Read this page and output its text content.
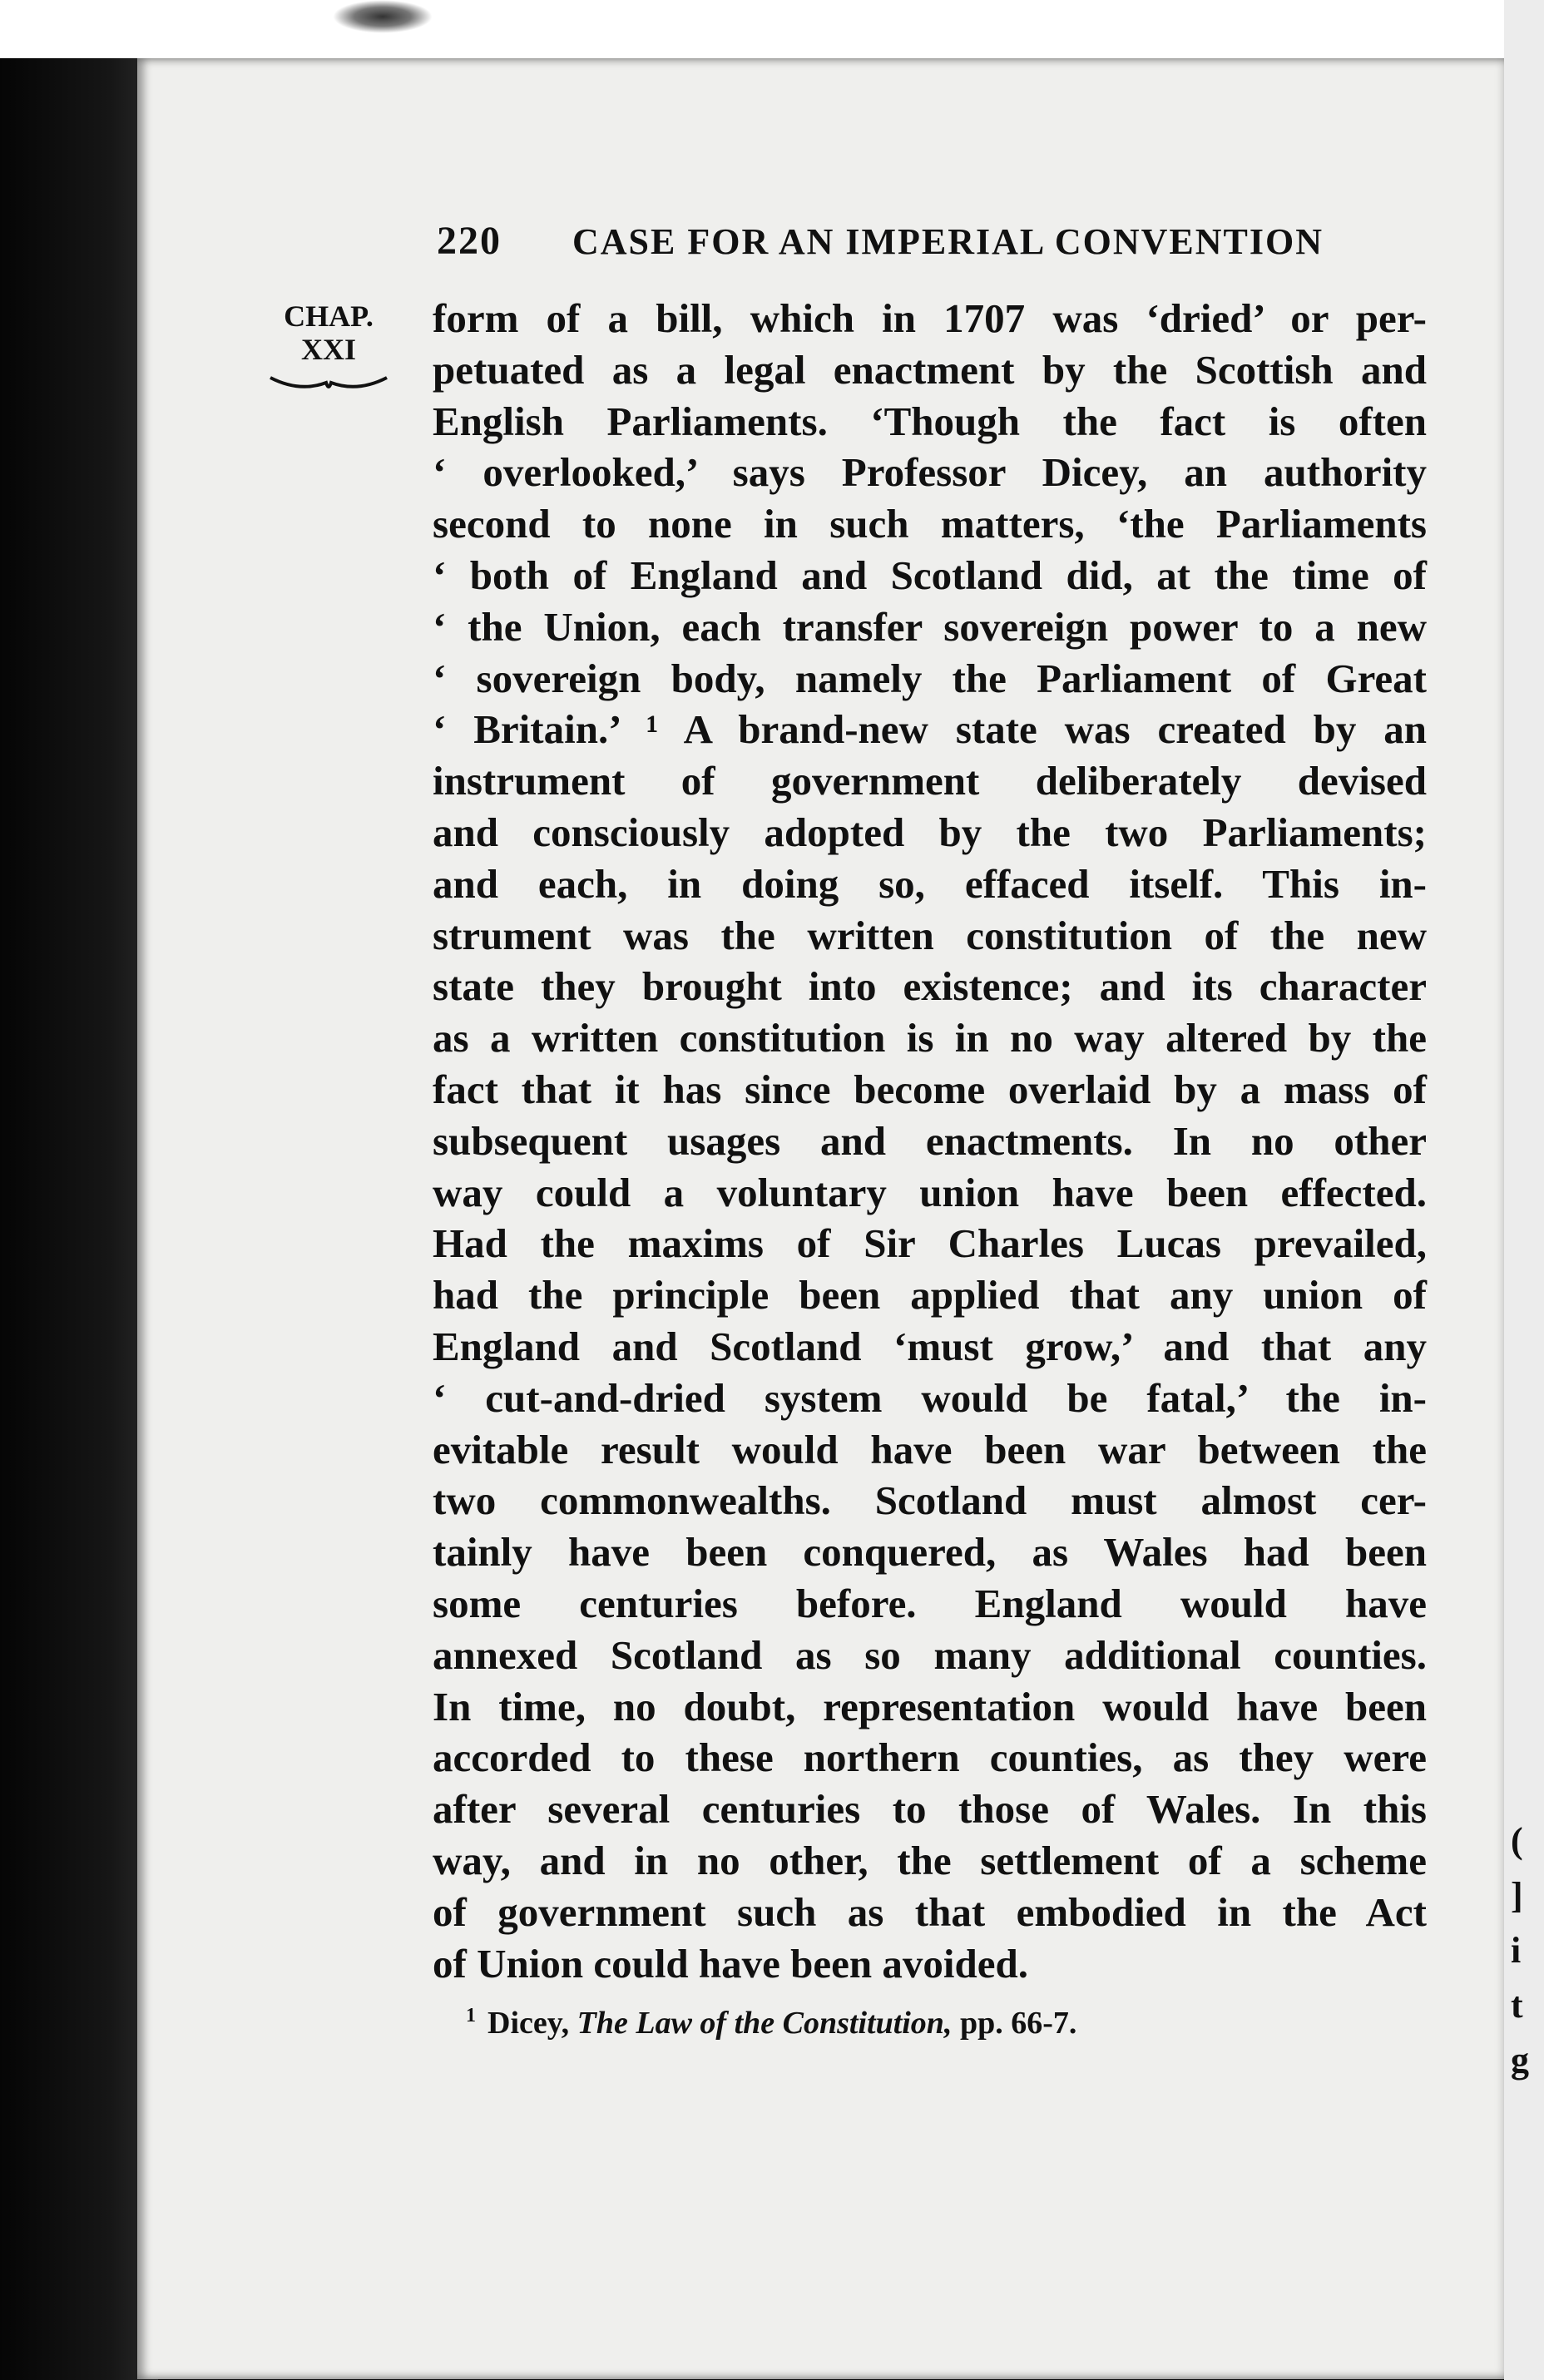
220 CASE FOR AN IMPERIAL CONVENTION
CHAP.
XXI
form of a bill, which in 1707 was ‘dried’ or per-
petuated as a legal enactment by the Scottish and
English Parliaments. ‘Though the fact is often
‘ overlooked,’ says Professor Dicey, an authority
second to none in such matters, ‘the Parliaments
‘ both of England and Scotland did, at the time of
‘ the Union, each transfer sovereign power to a new
‘ sovereign body, namely the Parliament of Great
‘ Britain.’ ¹ A brand-new state was created by an
instrument of government deliberately devised
and consciously adopted by the two Parliaments;
and each, in doing so, effaced itself. This in-
strument was the written constitution of the new
state they brought into existence; and its character
as a written constitution is in no way altered by the
fact that it has since become overlaid by a mass of
subsequent usages and enactments. In no other
way could a voluntary union have been effected.
Had the maxims of Sir Charles Lucas prevailed,
had the principle been applied that any union of
England and Scotland ‘must grow,’ and that any
‘ cut-and-dried system would be fatal,’ the in-
evitable result would have been war between the
two commonwealths. Scotland must almost cer-
tainly have been conquered, as Wales had been
some centuries before. England would have
annexed Scotland as so many additional counties.
In time, no doubt, representation would have been
accorded to these northern counties, as they were
after several centuries to those of Wales. In this
way, and in no other, the settlement of a scheme
of government such as that embodied in the Act
of Union could have been avoided.
$^1$ Dicey, The Law of the Constitution, pp. 66-7.
(
]
i
t
g
